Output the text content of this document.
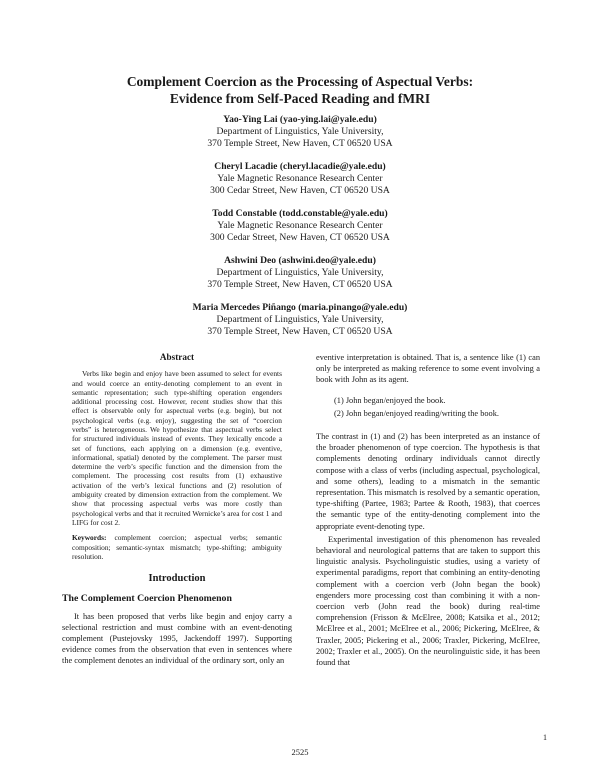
Complement Coercion as the Processing of Aspectual Verbs:
Evidence from Self-Paced Reading and fMRI
Yao-Ying Lai (yao-ying.lai@yale.edu)
Department of Linguistics, Yale University,
370 Temple Street, New Haven, CT 06520 USA
Cheryl Lacadie (cheryl.lacadie@yale.edu)
Yale Magnetic Resonance Research Center
300 Cedar Street, New Haven, CT 06520 USA
Todd Constable (todd.constable@yale.edu)
Yale Magnetic Resonance Research Center
300 Cedar Street, New Haven, CT 06520 USA
Ashwini Deo (ashwini.deo@yale.edu)
Department of Linguistics, Yale University,
370 Temple Street, New Haven, CT 06520 USA
Maria Mercedes Piñango (maria.pinango@yale.edu)
Department of Linguistics, Yale University,
370 Temple Street, New Haven, CT 06520 USA
Abstract

Verbs like begin and enjoy have been assumed to select for events and would coerce an entity-denoting complement to an event in semantic representation; such type-shifting operation engenders additional processing cost. However, recent studies show that this effect is observable only for aspectual verbs (e.g. begin), but not psychological verbs (e.g. enjoy), suggesting the set of “coercion verbs” is heterogeneous. We hypothesize that aspectual verbs select for structured individuals instead of events. They lexically encode a set of functions, each applying on a dimension (e.g. eventive, informational, spatial) denoted by the complement. The parser must determine the verb’s specific function and the dimension from the complement. The processing cost results from (1) exhaustive activation of the verb’s lexical functions and (2) resolution of ambiguity created by dimension extraction from the complement. We show that processing aspectual verbs was more costly than psychological verbs and that it recruited Wernicke’s area for cost 1 and LIFG for cost 2.

Keywords: complement coercion; aspectual verbs; semantic composition; semantic-syntax mismatch; type-shifting; ambiguity resolution.

Introduction
The Complement Coercion Phenomenon

It has been proposed that verbs like begin and enjoy carry a selectional restriction and must combine with an event-denoting complement (Pustejovsky 1995, Jackendoff 1997). Supporting evidence comes from the observation that even in sentences where the complement denotes an individual of the ordinary sort, only an

eventive interpretation is obtained. That is, a sentence like (1) can only be interpreted as making reference to some event involving a book with John as its agent.

(1) John began/enjoyed the book.
(2) John began/enjoyed reading/writing the book.

The contrast in (1) and (2) has been interpreted as an instance of the broader phenomenon of type coercion. The hypothesis is that complements denoting ordinary individuals cannot directly compose with a class of verbs (including aspectual, psychological, and some others), leading to a mismatch in the semantic representation. This mismatch is resolved by a semantic operation, type-shifting (Partee, 1983; Partee & Rooth, 1983), that coerces the semantic type of the entity-denoting complement into the appropriate event-denoting type.

Experimental investigation of this phenomenon has revealed behavioral and neurological patterns that are taken to support this linguistic analysis. Psycholinguistic studies, using a variety of experimental paradigms, report that combining an entity-denoting complement with a coercion verb (John began the book) engenders more processing cost than combining it with a non-coercion verb (John read the book) during real-time comprehension (Frisson & McElree, 2008; Katsika et al., 2012; McElree et al., 2001; McElree et al., 2006; Pickering, McElree, & Traxler, 2005; Pickering et al., 2006; Traxler, Pickering, McElree, 2002; Traxler et al., 2005). On the neurolinguistic side, it has been found that

2525
1
